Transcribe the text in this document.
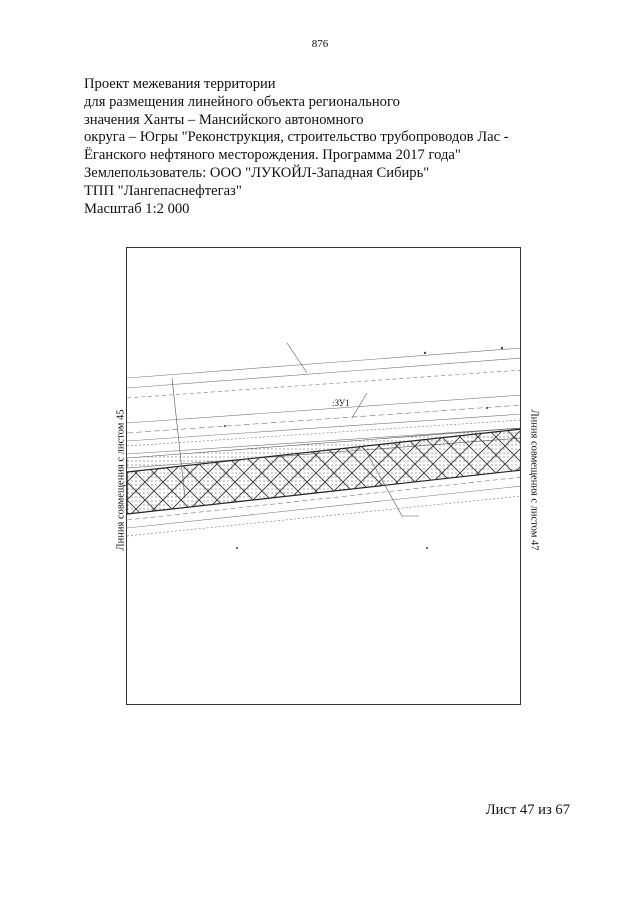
876
Проект межевания территории
для размещения линейного объекта регионального
значения Ханты – Мансийского автономного
округа – Югры "Реконструкция, строительство трубопроводов Лас -
Ёганского нефтяного месторождения. Программа 2017 года"
Землепользователь: ООО "ЛУКОЙЛ-Западная Сибирь"
ТПП "Лангепаснефтегаз"
Масштаб 1:2 000
:ЗУ1
Линия совмещения с листом 45	Линия совмещения с листом 47
Лист 47 из 67
